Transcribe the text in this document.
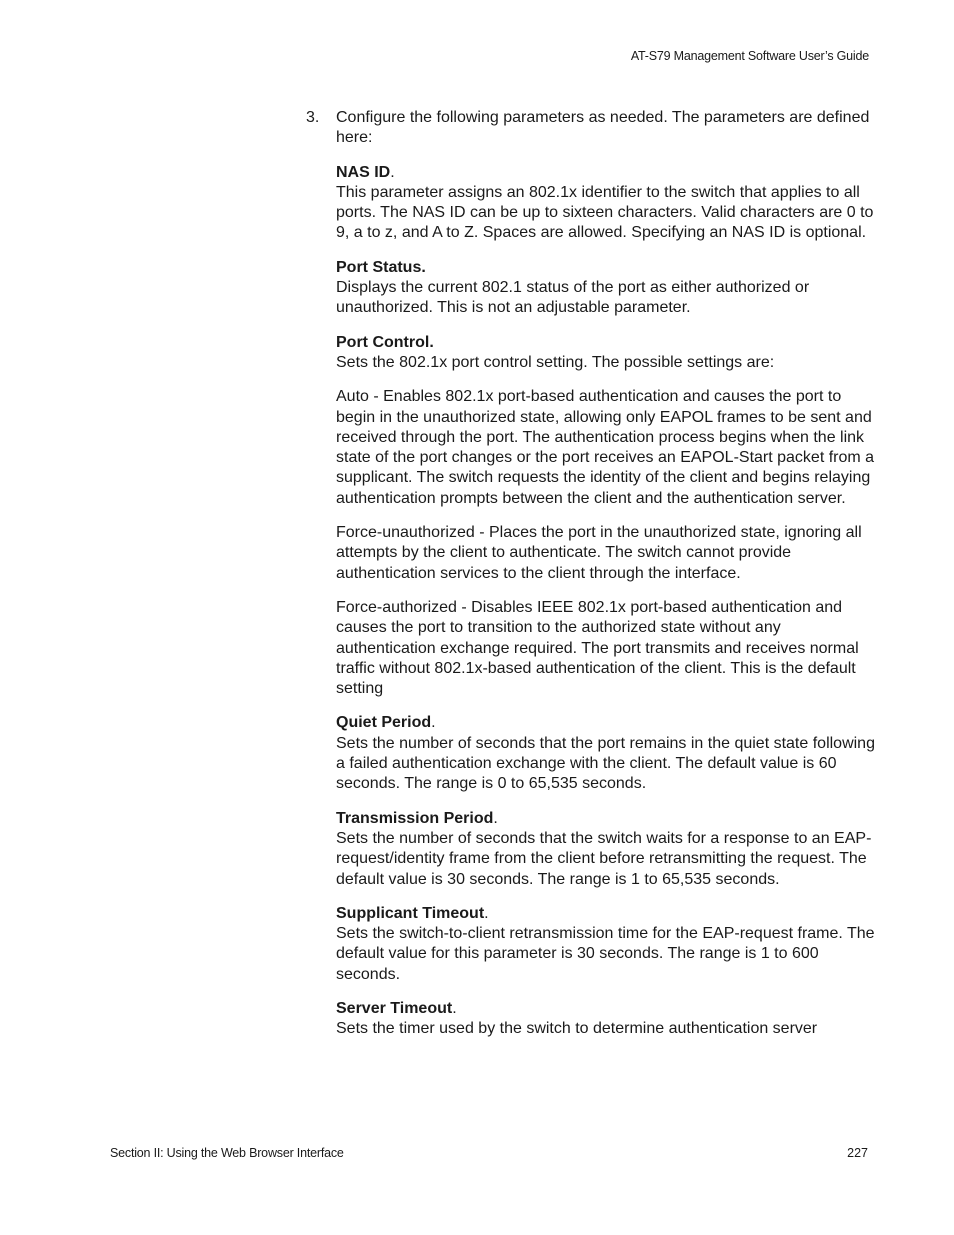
AT-S79 Management Software User’s Guide
3.	Configure the following parameters as needed. The parameters are defined here:
NAS ID.
This parameter assigns an 802.1x identifier to the switch that applies to all ports. The NAS ID can be up to sixteen characters. Valid characters are 0 to 9, a to z, and A to Z. Spaces are allowed. Specifying an NAS ID is optional.
Port Status.
Displays the current 802.1 status of the port as either authorized or unauthorized. This is not an adjustable parameter.
Port Control.
Sets the 802.1x port control setting. The possible settings are:
Auto - Enables 802.1x port-based authentication and causes the port to begin in the unauthorized state, allowing only EAPOL frames to be sent and received through the port. The authentication process begins when the link state of the port changes or the port receives an EAPOL-Start packet from a supplicant. The switch requests the identity of the client and begins relaying authentication prompts between the client and the authentication server.
Force-unauthorized - Places the port in the unauthorized state, ignoring all attempts by the client to authenticate. The switch cannot provide authentication services to the client through the interface.
Force-authorized - Disables IEEE 802.1x port-based authentication and causes the port to transition to the authorized state without any authentication exchange required. The port transmits and receives normal traffic without 802.1x-based authentication of the client. This is the default setting
Quiet Period.
Sets the number of seconds that the port remains in the quiet state following a failed authentication exchange with the client. The default value is 60 seconds. The range is 0 to 65,535 seconds.
Transmission Period.
Sets the number of seconds that the switch waits for a response to an EAP-request/identity frame from the client before retransmitting the request. The default value is 30 seconds. The range is 1 to 65,535 seconds.
Supplicant Timeout.
Sets the switch-to-client retransmission time for the EAP-request frame. The default value for this parameter is 30 seconds. The range is 1 to 600 seconds.
Server Timeout.
Sets the timer used by the switch to determine authentication server
Section II: Using the Web Browser Interface	227
